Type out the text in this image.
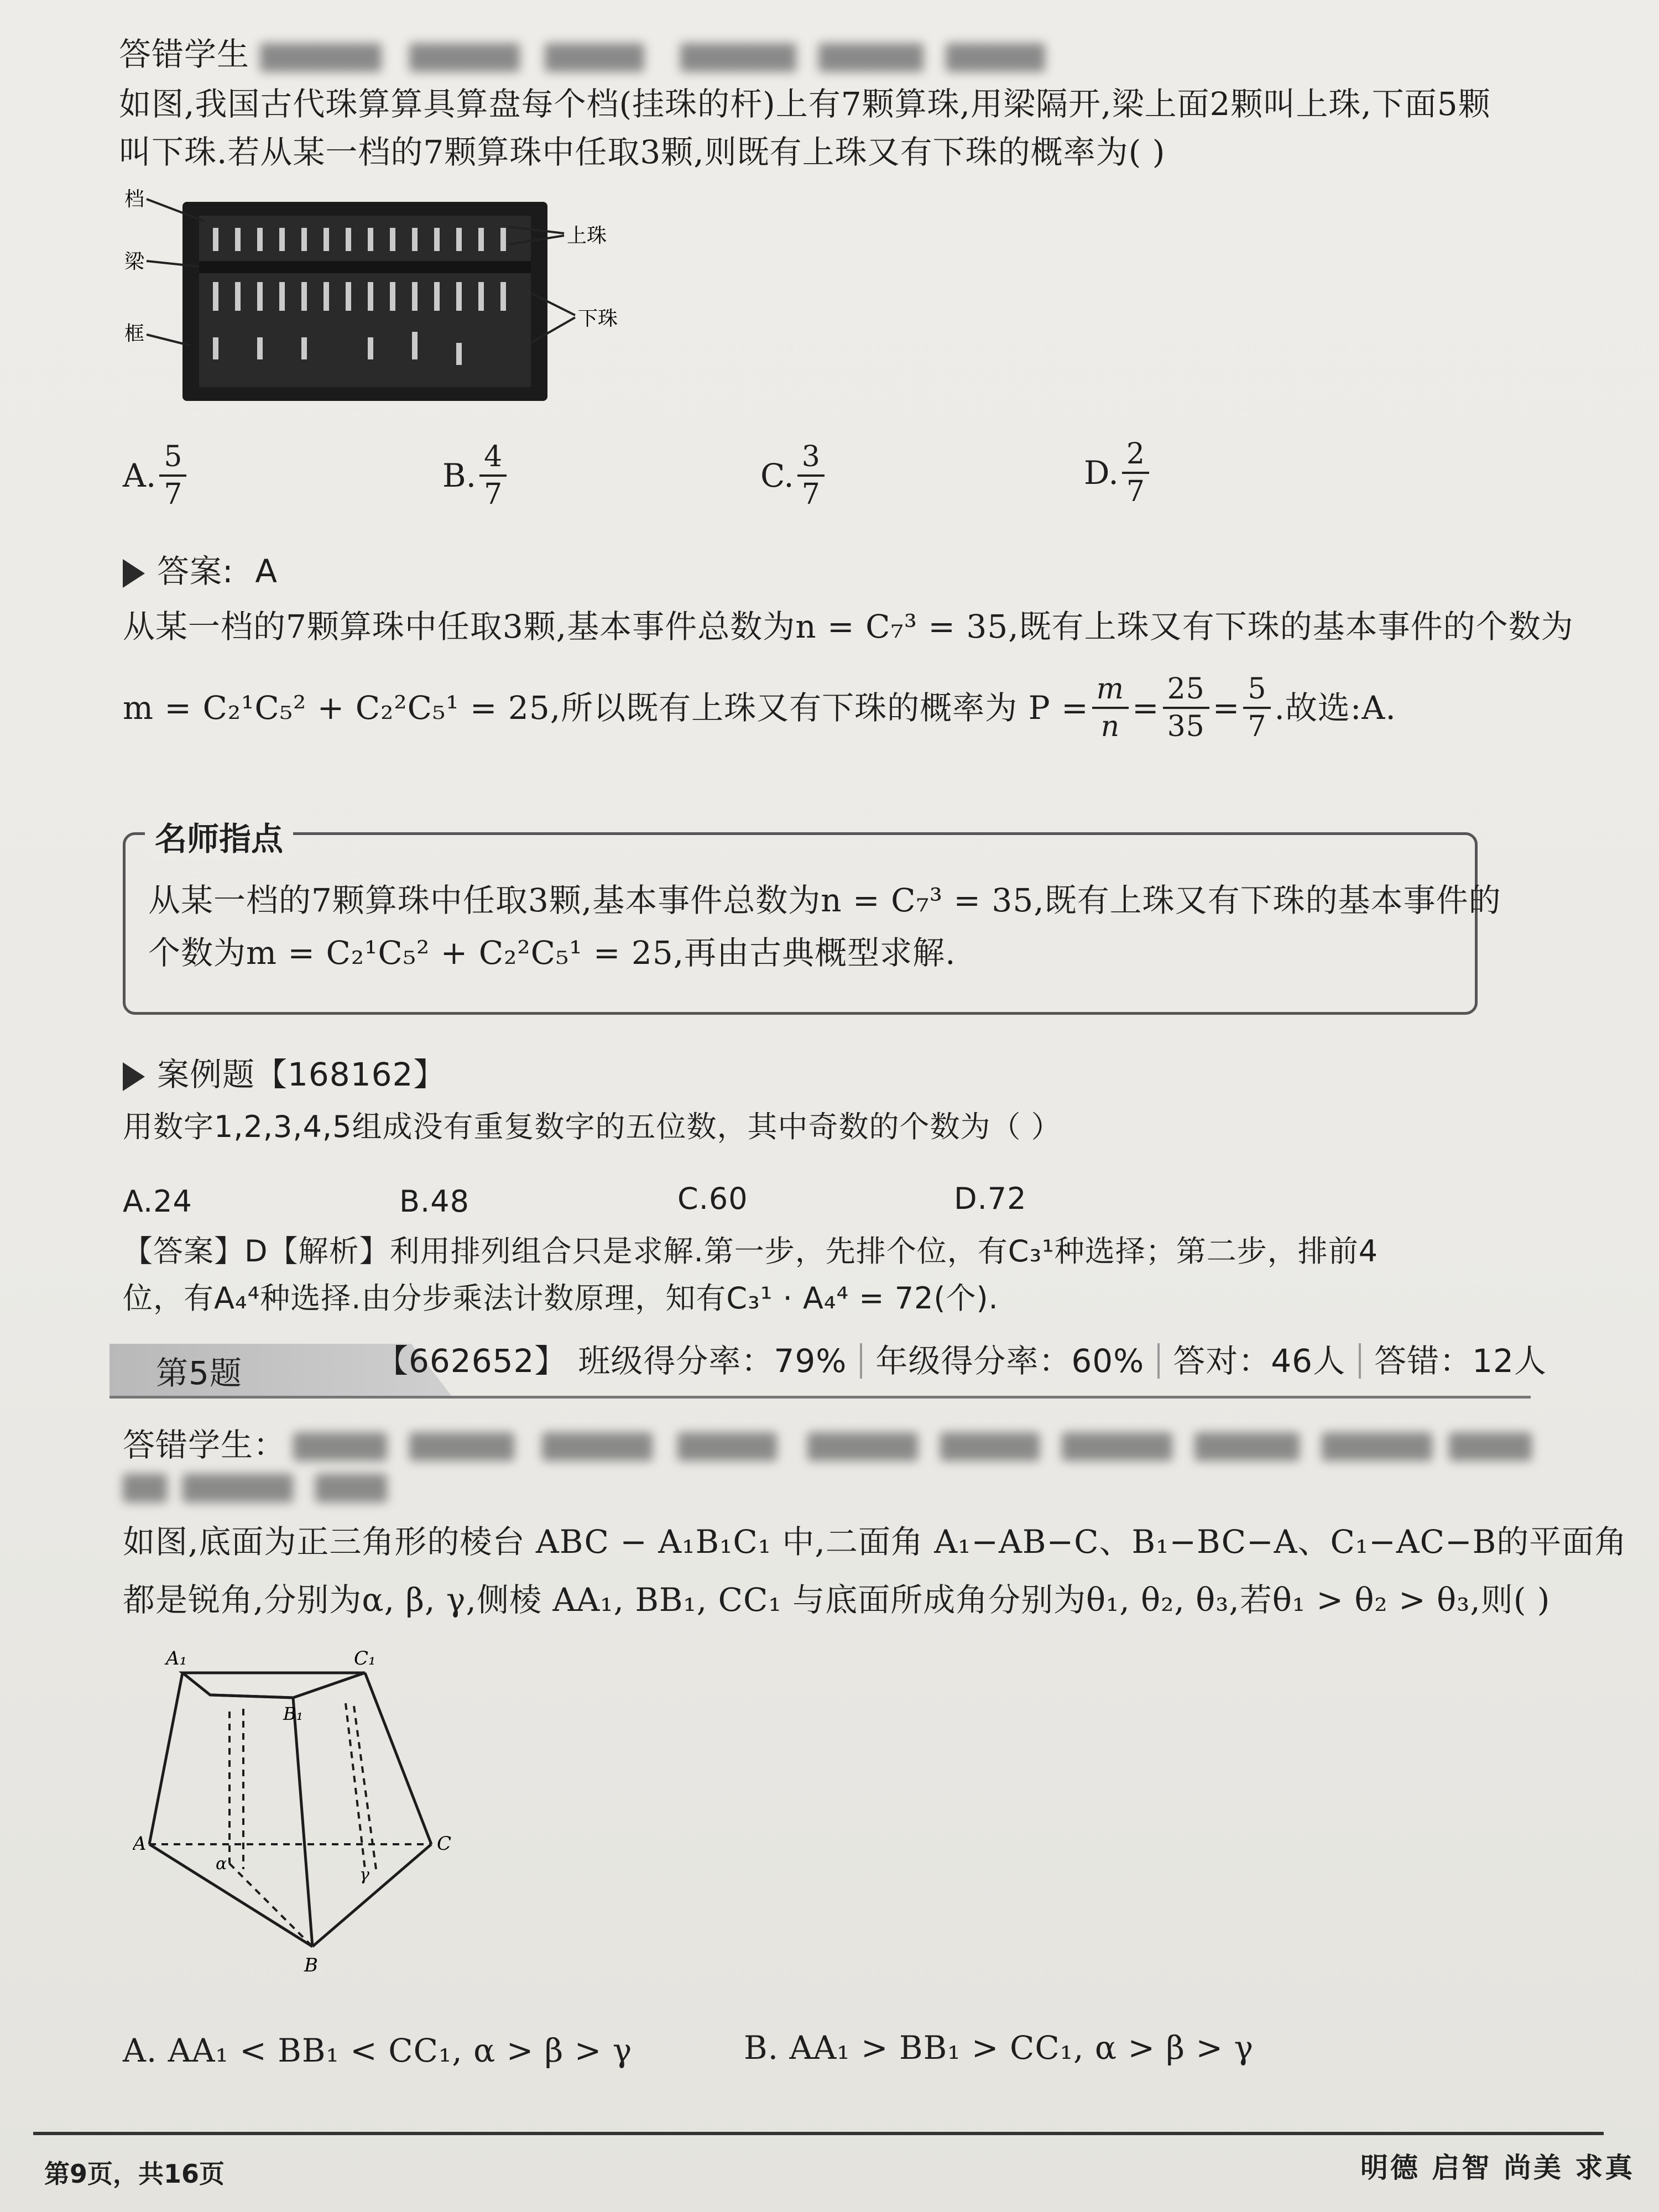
答错学生
如图,我国古代珠算算具算盘每个档(挂珠的杆)上有7颗算珠,用梁隔开,梁上面2颗叫上珠,下面5颗
叫下珠.若从某一档的7颗算珠中任取3颗,则既有上珠又有下珠的概率为( )
档
梁
框
上珠
下珠
A. $\frac{5}{7}$	B. $\frac{4}{7}$	C. $\frac{3}{7}$	D. $\frac{2}{7}$
答案: A
从某一档的7颗算珠中任取3颗,基本事件总数为n = C₇³ = 35,既有上珠又有下珠的基本事件的个数为
m = C₂¹C₅² + C₂²C₅¹ = 25,所以既有上珠又有下珠的概率为 $P = \frac{m}{n} = \frac{25}{35} = \frac{5}{7}$ .故选:A.
名师指点
从某一档的7颗算珠中任取3颗,基本事件总数为n = C₇³ = 35,既有上珠又有下珠的基本事件的
个数为m = C₂¹C₅² + C₂²C₅¹ = 25,再由古典概型求解.
案例题【168162】
用数字1,2,3,4,5组成没有重复数字的五位数，其中奇数的个数为（ ）
A.24	B.48	C.60	D.72
【答案】D【解析】利用排列组合只是求解.第一步，先排个位，有C₃¹种选择；第二步，排前4
位，有A₄⁴种选择.由分步乘法计数原理，知有C₃¹ · A₄⁴ = 72(个).
第5题	【662652】 班级得分率：79% 年级得分率：60% 答对：46人 答错：12人
答错学生：
如图,底面为正三角形的棱台 ABC − A₁B₁C₁ 中,二面角 A₁−AB−C、B₁−BC−A、C₁−AC−B的平面角
都是锐角,分别为α, β, γ,侧棱 AA₁, BB₁, CC₁ 与底面所成角分别为θ₁, θ₂, θ₃,若θ₁ > θ₂ > θ₃,则( )
A₁	C₁
B₁
A	C
B
α
γ
A. AA₁ < BB₁ < CC₁, α > β > γ	B. AA₁ > BB₁ > CC₁, α > β > γ
第9页，共16页	明德 启智 尚美 求真
